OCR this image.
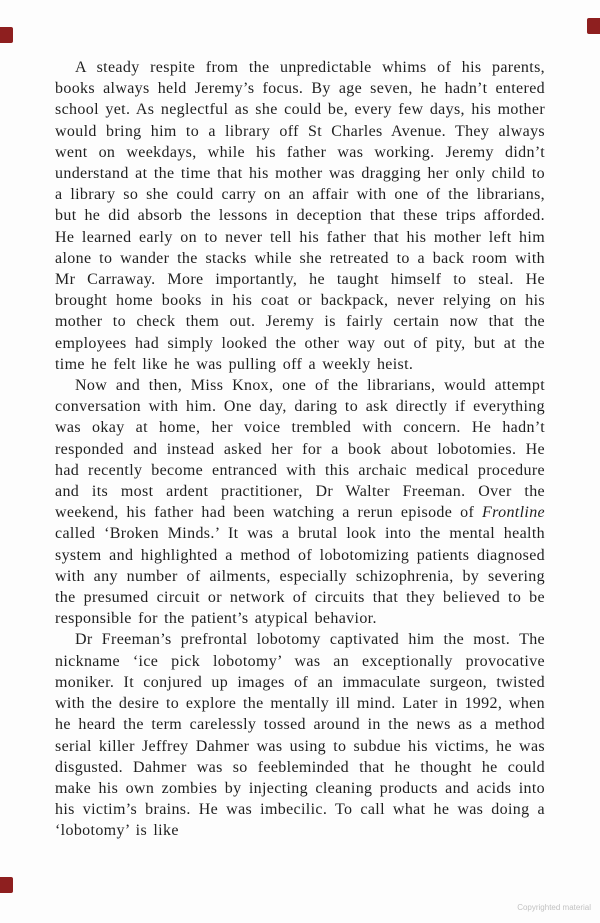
A steady respite from the unpredictable whims of his parents, books always held Jeremy’s focus. By age seven, he hadn’t entered school yet. As neglectful as she could be, every few days, his mother would bring him to a library off St Charles Avenue. They always went on weekdays, while his father was working. Jeremy didn’t understand at the time that his mother was dragging her only child to a library so she could carry on an affair with one of the librarians, but he did absorb the lessons in deception that these trips afforded. He learned early on to never tell his father that his mother left him alone to wander the stacks while she retreated to a back room with Mr Carraway. More importantly, he taught himself to steal. He brought home books in his coat or backpack, never relying on his mother to check them out. Jeremy is fairly certain now that the employees had simply looked the other way out of pity, but at the time he felt like he was pulling off a weekly heist.

Now and then, Miss Knox, one of the librarians, would attempt conversation with him. One day, daring to ask directly if everything was okay at home, her voice trembled with concern. He hadn’t responded and instead asked her for a book about lobotomies. He had recently become entranced with this archaic medical procedure and its most ardent practitioner, Dr Walter Freeman. Over the weekend, his father had been watching a rerun episode of Frontline called ‘Broken Minds.’ It was a brutal look into the mental health system and highlighted a method of lobotomizing patients diagnosed with any number of ailments, especially schizophrenia, by severing the presumed circuit or network of circuits that they believed to be responsible for the patient’s atypical behavior.

Dr Freeman’s prefrontal lobotomy captivated him the most. The nickname ‘ice pick lobotomy’ was an exceptionally provocative moniker. It conjured up images of an immaculate surgeon, twisted with the desire to explore the mentally ill mind. Later in 1992, when he heard the term carelessly tossed around in the news as a method serial killer Jeffrey Dahmer was using to subdue his victims, he was disgusted. Dahmer was so feebleminded that he thought he could make his own zombies by injecting cleaning products and acids into his victim’s brains. He was imbecilic. To call what he was doing a ‘lobotomy’ is like

Copyrighted material
